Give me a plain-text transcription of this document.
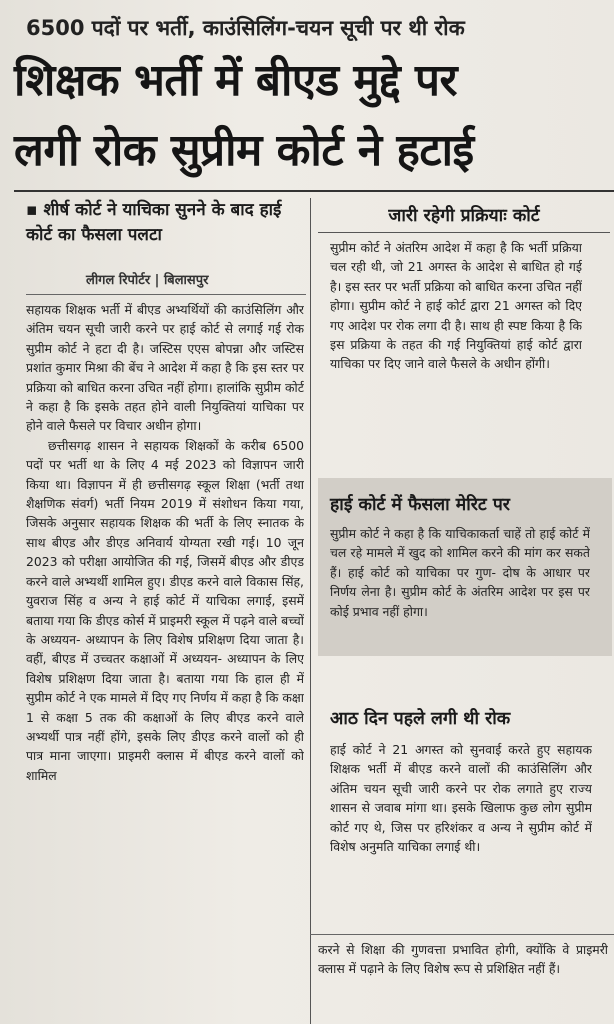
6500 पदों पर भर्ती, काउंसिलिंग-चयन सूची पर थी रोक
शिक्षक भर्ती में बीएड मुद्दे पर
लगी रोक सुप्रीम कोर्ट ने हटाई
▪ शीर्ष कोर्ट ने याचिका सुनने के बाद हाई कोर्ट का फैसला पलटा
लीगल रिपोर्टर | बिलासपुर

सहायक शिक्षक भर्ती में बीएड अभ्यर्थियों की काउंसिलिंग और अंतिम चयन सूची जारी करने पर हाई कोर्ट से लगाई गई रोक सुप्रीम कोर्ट ने हटा दी है। जस्टिस एएस बोपन्ना और जस्टिस प्रशांत कुमार मिश्रा की बेंच ने आदेश में कहा है कि इस स्तर पर प्रक्रिया को बाधित करना उचित नहीं होगा। हालांकि सुप्रीम कोर्ट ने कहा है कि इसके तहत होने वाली नियुक्तियां याचिका पर होने वाले फैसले पर विचार अधीन होगा।

छत्तीसगढ़ शासन ने सहायक शिक्षकों के करीब 6500 पदों पर भर्ती था के लिए 4 मई 2023 को विज्ञापन जारी किया था। विज्ञापन में ही छत्तीसगढ़ स्कूल शिक्षा (भर्ती तथा शैक्षणिक संवर्ग) भर्ती नियम 2019 में संशोधन किया गया, जिसके अनुसार सहायक शिक्षक की भर्ती के लिए स्नातक के साथ बीएड और डीएड अनिवार्य योग्यता रखी गई। 10 जून 2023 को परीक्षा आयोजित की गई, जिसमें बीएड और डीएड करने वाले अभ्यर्थी शामिल हुए। डीएड करने वाले विकास सिंह, युवराज सिंह व अन्य ने हाई कोर्ट में याचिका लगाई, इसमें बताया गया कि डीएड कोर्स में प्राइमरी स्कूल में पढ़ने वाले बच्चों के अध्ययन- अध्यापन के लिए विशेष प्रशिक्षण दिया जाता है। वहीं, बीएड में उच्चतर कक्षाओं में अध्ययन- अध्यापन के लिए विशेष प्रशिक्षण दिया जाता है। बताया गया कि हाल ही में सुप्रीम कोर्ट ने एक मामले में दिए गए निर्णय में कहा है कि कक्षा 1 से कक्षा 5 तक की कक्षाओं के लिए बीएड करने वाले अभ्यर्थी पात्र नहीं होंगे, इसके लिए डीएड करने वालों को ही पात्र माना जाएगा। प्राइमरी क्लास में बीएड करने वालों को शामिल

जारी रहेगी प्रक्रियाः कोर्ट
सुप्रीम कोर्ट ने अंतरिम आदेश में कहा है कि भर्ती प्रक्रिया चल रही थी, जो 21 अगस्त के आदेश से बाधित हो गई है। इस स्तर पर भर्ती प्रक्रिया को बाधित करना उचित नहीं होगा। सुप्रीम कोर्ट ने हाई कोर्ट द्वारा 21 अगस्त को दिए गए आदेश पर रोक लगा दी है। साथ ही स्पष्ट किया है कि इस प्रक्रिया के तहत की गई नियुक्तियां हाई कोर्ट द्वारा याचिका पर दिए जाने वाले फैसले के अधीन होंगी।
हाई कोर्ट में फैसला मेरिट पर
सुप्रीम कोर्ट ने कहा है कि याचिकाकर्ता चाहें तो हाई कोर्ट में चल रहे मामले में खुद को शामिल करने की मांग कर सकते हैं। हाई कोर्ट को याचिका पर गुण- दोष के आधार पर निर्णय लेना है। सुप्रीम कोर्ट के अंतरिम आदेश पर इस पर कोई प्रभाव नहीं होगा।
आठ दिन पहले लगी थी रोक
हाई कोर्ट ने 21 अगस्त को सुनवाई करते हुए सहायक शिक्षक भर्ती में बीएड करने वालों की काउंसिलिंग और अंतिम चयन सूची जारी करने पर रोक लगाते हुए राज्य शासन से जवाब मांगा था। इसके खिलाफ कुछ लोग सुप्रीम कोर्ट गए थे, जिस पर हरिशंकर व अन्य ने सुप्रीम कोर्ट में विशेष अनुमति याचिका लगाई थी।
करने से शिक्षा की गुणवत्ता प्रभावित होगी, क्योंकि वे प्राइमरी क्लास में पढ़ाने के लिए विशेष रूप से प्रशिक्षित नहीं हैं।
